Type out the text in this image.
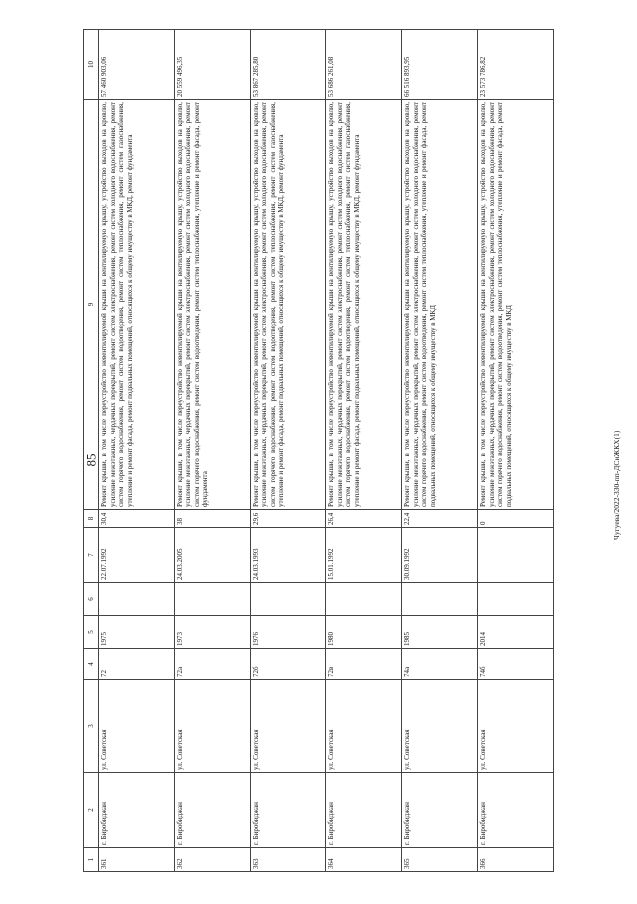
85
1	2	3	4	5	6	7	8	9	10
361	г. Биробиджан	ул. Советская	72	1975		22.07.1992	30,4	Ремонт крыши, в том числе переустройство невентилируемой крыши на вентилируемую крышу, устройство выходов на кровлю, усиление межэтажных, чердачных перекрытий, ремонт систем электроснабжения, ремонт систем холодного водоснабжения, ремонт систем горячего водоснабжения, ремонт систем водоотведения, ремонт систем теплоснабжения, ремонт систем газоснабжения, утепление и ремонт фасада, ремонт подвальных помещений, относящихся к общему имуществу в МКД, ремонт фундамента	57 460 903,06
362	г. Биробиджан	ул. Советская	72а	1973		24.03.2005	38	Ремонт крыши, в том числе переустройство невентилируемой крыши на вентилируемую крышу, устройство выходов на кровлю, усиление межэтажных, чердачных перекрытий, ремонт систем электроснабжения, ремонт систем холодного водоснабжения, ремонт систем горячего водоснабжения, ремонт систем водоотведения, ремонт систем теплоснабжения, утепление и ремонт фасада, ремонт фундамента	20 559 496,35
363	г. Биробиджан	ул. Советская	72б	1976		24.03.1993	29,6	Ремонт крыши, в том числе переустройство невентилируемой крыши на вентилируемую крышу, устройство выходов на кровлю, усиление межэтажных, чердачных перекрытий, ремонт систем электроснабжения, ремонт систем холодного водоснабжения, ремонт систем горячего водоснабжения, ремонт систем водоотведения, ремонт систем теплоснабжения, ремонт систем газоснабжения, утепление и ремонт фасада, ремонт подвальных помещений, относящихся к общему имуществу в МКД, ремонт фундамента	53 867 285,80
364	г. Биробиджан	ул. Советская	72в	1980		15.01.1992	26,4	Ремонт крыши, в том числе переустройство невентилируемой крыши на вентилируемую крышу, устройство выходов на кровлю, усиление межэтажных, чердачных перекрытий, ремонт систем электроснабжения, ремонт систем холодного водоснабжения, ремонт систем горячего водоснабжения, ремонт систем водоотведения, ремонт систем теплоснабжения, ремонт систем газоснабжения, утепление и ремонт фасада, ремонт подвальных помещений, относящихся к общему имуществу в МКД, ремонт фундамента	53 686 261,08
365	г. Биробиджан	ул. Советская	74а	1985		30.09.1992	22,4	Ремонт крыши, в том числе переустройство невентилируемой крыши на вентилируемую крышу, устройство выходов на кровлю, усиление межэтажных, чердачных перекрытий, ремонт систем электроснабжения, ремонт систем холодного водоснабжения, ремонт систем горячего водоснабжения, ремонт систем водоотведения, ремонт систем теплоснабжения, утепление и ремонт фасада, ремонт подвальных помещений, относящихся к общему имуществу в МКД	66 516 893,95
366	г. Биробиджан	ул. Советская	74б	2014			0	Ремонт крыши, в том числе переустройство невентилируемой крыши на вентилируемую крышу, устройство выходов на кровлю, усиление межэтажных, чердачных перекрытий, ремонт систем электроснабжения, ремонт систем холодного водоснабжения, ремонт систем горячего водоснабжения, ремонт систем водоотведения, ремонт систем теплоснабжения, утепление и ремонт фасада, ремонт подвальных помещений, относящихся к общему имуществу в МКД	23 573 786,82
Чугуева/2022-330-пп-ДСиЖКХ(1)
